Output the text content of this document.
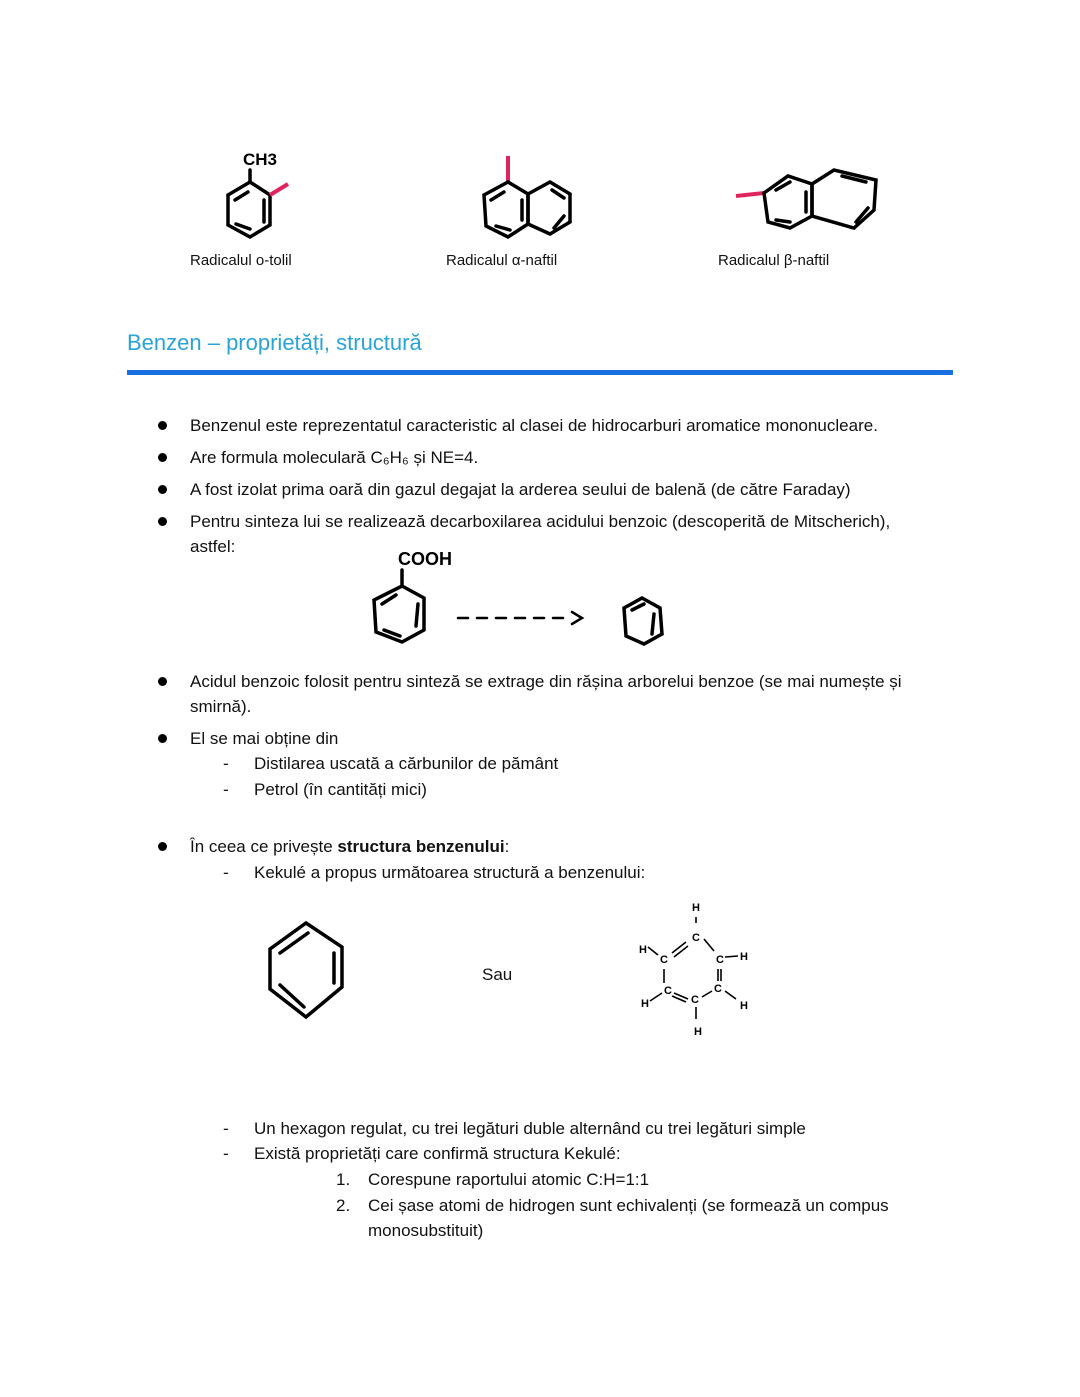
CH3
Radicalul o-tolil	Radicalul α-naftil	Radicalul β-naftil
Benzen – proprietăți, structură
Benzenul este reprezentatul caracteristic al clasei de hidrocarburi aromatice mononucleare.
Are formula moleculară C₆H₆ și NE=4.
A fost izolat prima oară din gazul degajat la arderea seului de balenă (de către Faraday)
Pentru sinteza lui se realizează decarboxilarea acidului benzoic (descoperită de Mitscherich),
astfel:
COOH
Acidul benzoic folosit pentru sinteză se extrage din rășina arborelui benzoe (se mai numește și
smirnă).
El se mai obține din
- Distilarea uscată a cărbunilor de pământ
- Petrol (în cantități mici)
În ceea ce privește structura benzenului:
- Kekulé a propus următoarea structură a benzenului:
Sau
H
C
H
C	C H
C	C
H	C	H
H
- Un hexagon regulat, cu trei legături duble alternând cu trei legături simple
- Există proprietăți care confirmă structura Kekulé:
1. Corespune raportului atomic C:H=1:1
2. Cei șase atomi de hidrogen sunt echivalenți (se formează un compus
monosubstituit)
